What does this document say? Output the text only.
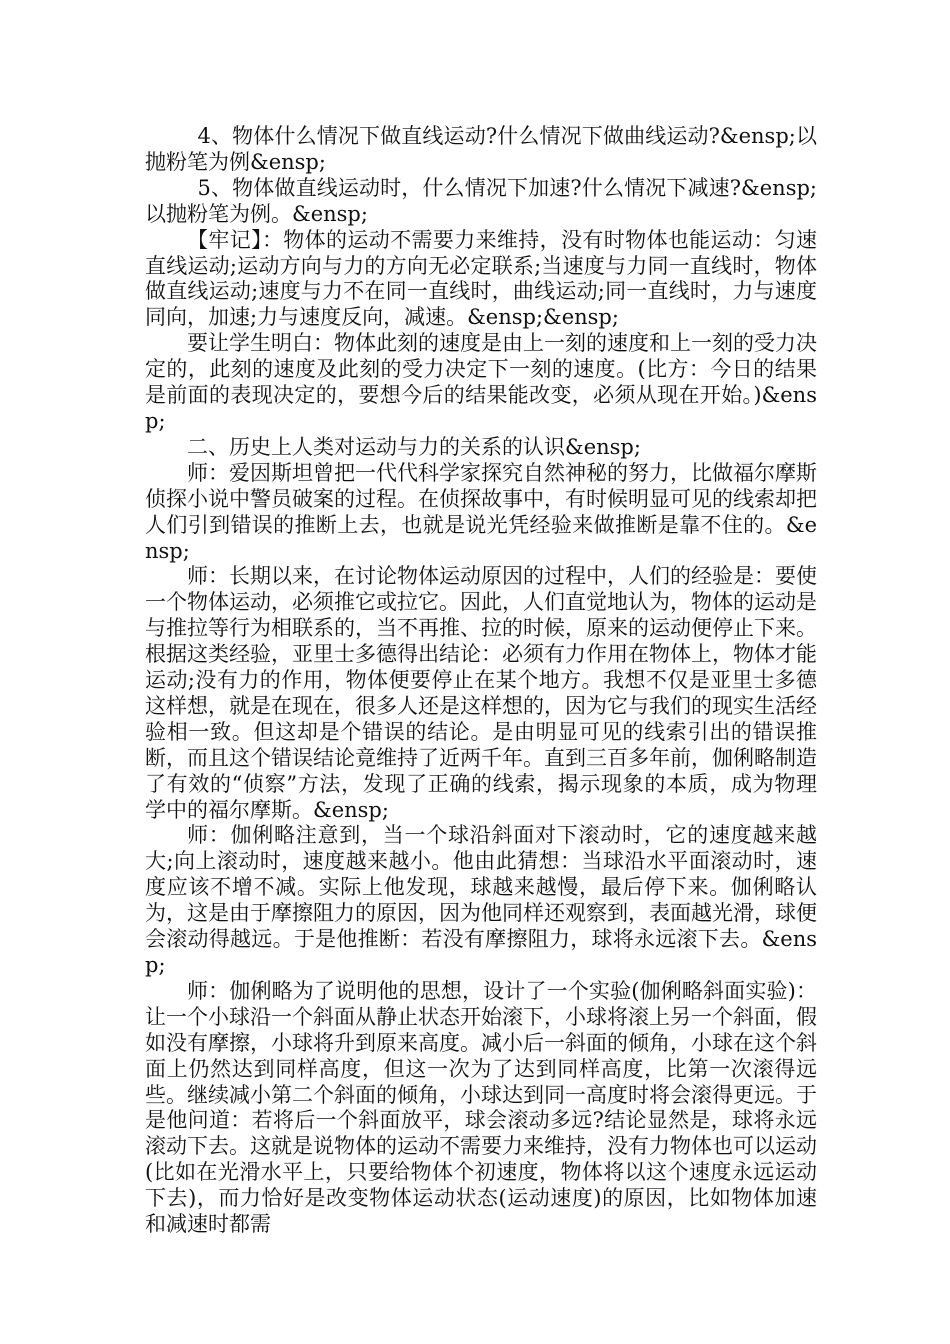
4、物体什么情况下做直线运动?什么情况下做曲线运动?&ensp;以抛粉笔为例&ensp;

5、物体做直线运动时，什么情况下加速?什么情况下减速?&ensp;以抛粉笔为例。&ensp;

【牢记】：物体的运动不需要力来维持，没有时物体也能运动：匀速直线运动;运动方向与力的方向无必定联系;当速度与力同一直线时，物体做直线运动;速度与力不在同一直线时，曲线运动;同一直线时，力与速度同向，加速;力与速度反向，减速。&ensp;&ensp;

要让学生明白：物体此刻的速度是由上一刻的速度和上一刻的受力决定的，此刻的速度及此刻的受力决定下一刻的速度。(比方：今日的结果是前面的表现决定的，要想今后的结果能改变，必须从现在开始。)&ensp;

二、历史上人类对运动与力的关系的认识&ensp;

师：爱因斯坦曾把一代代科学家探究自然神秘的努力，比做福尔摩斯侦探小说中警员破案的过程。在侦探故事中，有时候明显可见的线索却把人们引到错误的推断上去，也就是说光凭经验来做推断是靠不住的。&ensp;

师：长期以来，在讨论物体运动原因的过程中，人们的经验是：要使一个物体运动，必须推它或拉它。因此，人们直觉地认为，物体的运动是与推拉等行为相联系的，当不再推、拉的时候，原来的运动便停止下来。根据这类经验，亚里士多德得出结论：必须有力作用在物体上，物体才能运动;没有力的作用，物体便要停止在某个地方。我想不仅是亚里士多德这样想，就是在现在，很多人还是这样想的，因为它与我们的现实生活经验相一致。但这却是个错误的结论。是由明显可见的线索引出的错误推断，而且这个错误结论竟维持了近两千年。直到三百多年前，伽俐略制造了有效的“侦察”方法，发现了正确的线索，揭示现象的本质，成为物理学中的福尔摩斯。&ensp;

师：伽俐略注意到，当一个球沿斜面对下滚动时，它的速度越来越大;向上滚动时，速度越来越小。他由此猜想：当球沿水平面滚动时，速度应该不增不减。实际上他发现，球越来越慢，最后停下来。伽俐略认为，这是由于摩擦阻力的原因，因为他同样还观察到，表面越光滑，球便会滚动得越远。于是他推断：若没有摩擦阻力，球将永远滚下去。&ensp;

师：伽俐略为了说明他的思想，设计了一个实验(伽俐略斜面实验)：让一个小球沿一个斜面从静止状态开始滚下，小球将滚上另一个斜面，假如没有摩擦，小球将升到原来高度。减小后一斜面的倾角，小球在这个斜面上仍然达到同样高度，但这一次为了达到同样高度，比第一次滚得远些。继续减小第二个斜面的倾角，小球达到同一高度时将会滚得更远。于是他问道：若将后一个斜面放平，球会滚动多远?结论显然是，球将永远滚动下去。这就是说物体的运动不需要力来维持，没有力物体也可以运动(比如在光滑水平上，只要给物体个初速度，物体将以这个速度永远运动下去)，而力恰好是改变物体运动状态(运动速度)的原因，比如物体加速和减速时都需
